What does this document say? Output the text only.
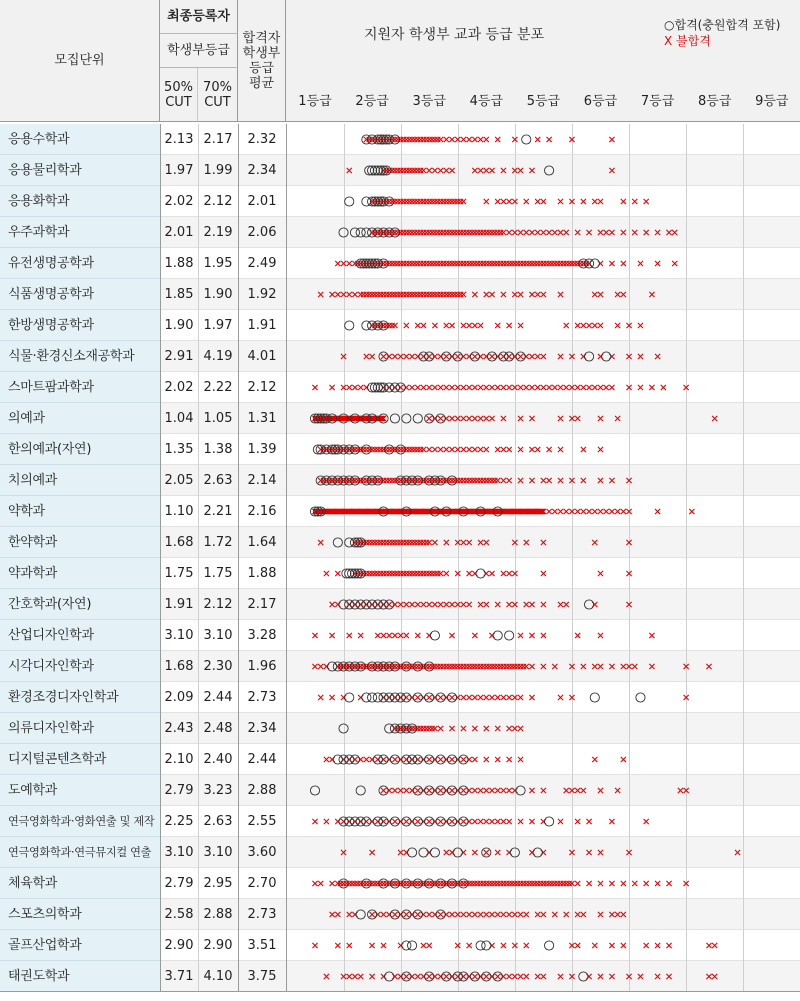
모집단위
최종등록자
학생부등급
50%
CUT
70%
CUT
합격자
학생부
등급
평균
지원자 학생부 교과 등급 분포
○합격(충원합격 포함)
X 불합격
1등급	2등급	3등급	4등급	5등급	6등급	7등급	8등급	9등급
응용수학과	2.13 2.17	2.32
응용물리학과	1.97 1.99	2.34
응용화학과	2.02 2.12	2.01
우주과학과	2.01 2.19	2.06
유전생명공학과	1.88 1.95	2.49
식품생명공학과	1.85 1.90	1.92
한방생명공학과	1.90 1.97	1.91
식물·환경신소재공학과	2.91 4.19	4.01
스마트팜과학과	2.02 2.22	2.12
의예과	1.04 1.05	1.31
한의예과(자연)	1.35 1.38	1.39
치의예과	2.05 2.63	2.14
약학과	1.10 2.21	2.16
한약학과	1.68 1.72	1.64
약과학과	1.75 1.75	1.88
간호학과(자연)	1.91 2.12	2.17
산업디자인학과	3.10 3.10	3.28
시각디자인학과	1.68 2.30	1.96
환경조경디자인학과	2.09 2.44	2.73
의류디자인학과	2.43 2.48	2.34
디지털콘텐츠학과	2.10 2.40	2.44
도예학과	2.79 3.23	2.88
연극영화학과·영화연출 및 제작 2.25 2.63	2.55
연극영화학과·연극뮤지컬 연출	3.10 3.10	3.60
체육학과	2.79 2.95	2.70
스포츠의학과	2.58 2.88	2.73
골프산업학과	2.90 2.90	3.51
태권도학과	3.71 4.10	3.75
